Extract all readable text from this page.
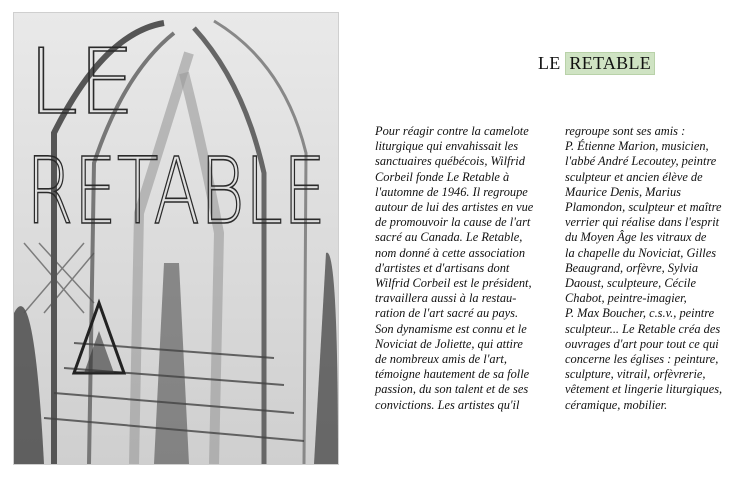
LE
RETABLE
LE RETABLE

Pour réagir contre la camelote

liturgique qui envahissait les

sanctuaires québécois, Wilfrid

Corbeil fonde Le Retable à

l'automne de 1946. Il regroupe

autour de lui des artistes en vue

de promouvoir la cause de l'art

sacré au Canada. Le Retable,

nom donné à cette association

d'artistes et d'artisans dont

Wilfrid Corbeil est le président,

travaillera aussi à la restau-

ration de l'art sacré au pays.

Son dynamisme est connu et le

Noviciat de Joliette, qui attire

de nombreux amis de l'art,

témoigne hautement de sa folle

passion, du son talent et de ses

convictions. Les artistes qu'il

regroupe sont ses amis :

P. Étienne Marion, musicien,

l'abbé André Lecoutey, peintre

sculpteur et ancien élève de

Maurice Denis, Marius

Plamondon, sculpteur et maître

verrier qui réalise dans l'esprit

du Moyen Âge les vitraux de

la chapelle du Noviciat, Gilles

Beaugrand, orfèvre, Sylvia

Daoust, sculpteure, Cécile

Chabot, peintre-imagier,

P. Max Boucher, c.s.v., peintre

sculpteur... Le Retable créa des

ouvrages d'art pour tout ce qui

concerne les églises : peinture,

sculpture, vitrail, orfèvrerie,

vêtement et lingerie liturgiques,

céramique, mobilier.
